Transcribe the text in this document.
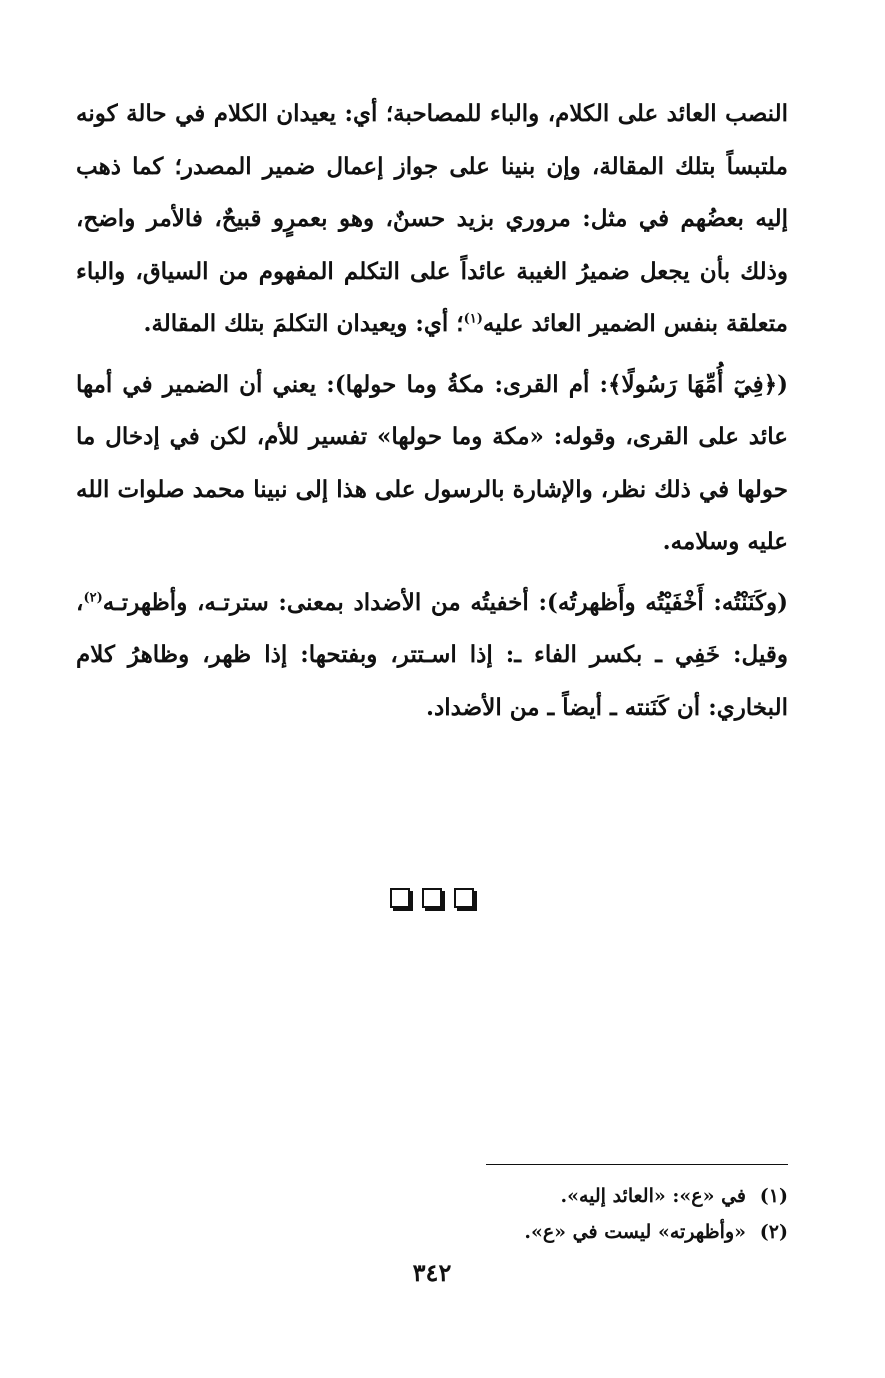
النصب العائد على الكلام، والباء للمصاحبة؛ أي: يعيدان الكلام في حالة كونه ملتبساً بتلك المقالة، وإن بنينا على جواز إعمال ضمير المصدر؛ كما ذهب إليه بعضُهم في مثل: مروري بزيد حسنٌ، وهو بعمرٍو قبيحٌ، فالأمر واضح، وذلك بأن يجعل ضميرُ الغيبة عائداً على التكلم المفهوم من السياق، والباء متعلقة بنفس الضمير العائد عليه$^{(١)}$؛ أي: ويعيدان التكلمَ بتلك المقالة.
(﴿فِيٓ أُمِّهَا رَسُولًا﴾: أم القرى: مكةُ وما حولها): يعني أن الضمير في أمها عائد على القرى، وقوله: «مكة وما حولها» تفسير للأم، لكن في إدخال ما حولها في ذلك نظر، والإشارة بالرسول على هذا إلى نبينا محمد صلوات الله عليه وسلامه.
(وكَنَنْتُه: أَخْفَيْتُه وأَظهرتُه): أخفيتُه من الأضداد بمعنى: سترتـه، وأظهرتـه$^{(٢)}$، وقيل: خَفِي ـ بكسر الفاء ـ: إذا اسـتتر، وبفتحها: إذا ظهر، وظاهرُ كلام البخاري: أن كَنَنته ـ أيضاً ـ من الأضداد.
(١)
في «ع»: «العائد إليه».
(٢)
«وأظهرته» ليست في «ع».
٣٤٢
